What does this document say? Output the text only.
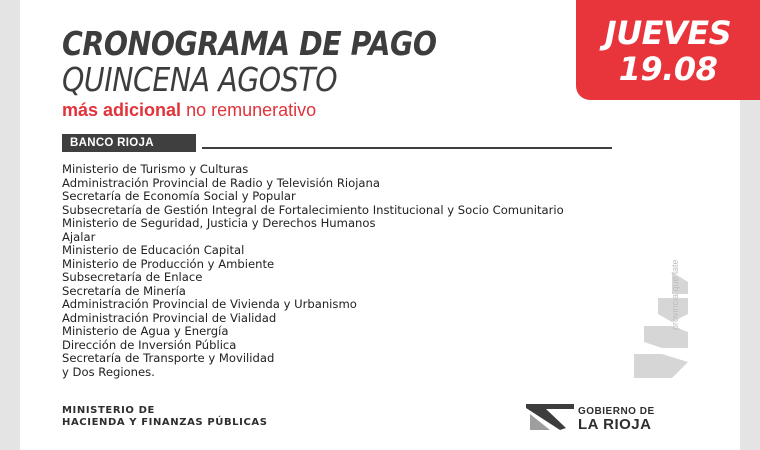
CRONOGRAMA DE PAGO
QUINCENA AGOSTO
más adicional no remunerativo
JUEVES
19.08
BANCO RIOJA
Ministerio de Turismo y Culturas
Administración Provincial de Radio y Televisión Riojana
Secretaría de Economía Social y Popular
Subsecretaría de Gestión Integral de Fortalecimiento Institucional y Socio Comunitario
Ministerio de Seguridad, Justicia y Derechos Humanos
Ajalar
Ministerio de Educación Capital
Ministerio de Producción y Ambiente
Subsecretaría de Enlace
Secretaría de Minería
Administración Provincial de Vivienda y Urbanismo
Administración Provincial de Vialidad
Ministerio de Agua y Energía
Dirección de Inversión Pública
Secretaría de Transporte y Movilidad
y Dos Regiones.
provincia que late
MINISTERIO DE
HACIENDA Y FINANZAS PÚBLICAS
GOBIERNO DE
LA RIOJA
